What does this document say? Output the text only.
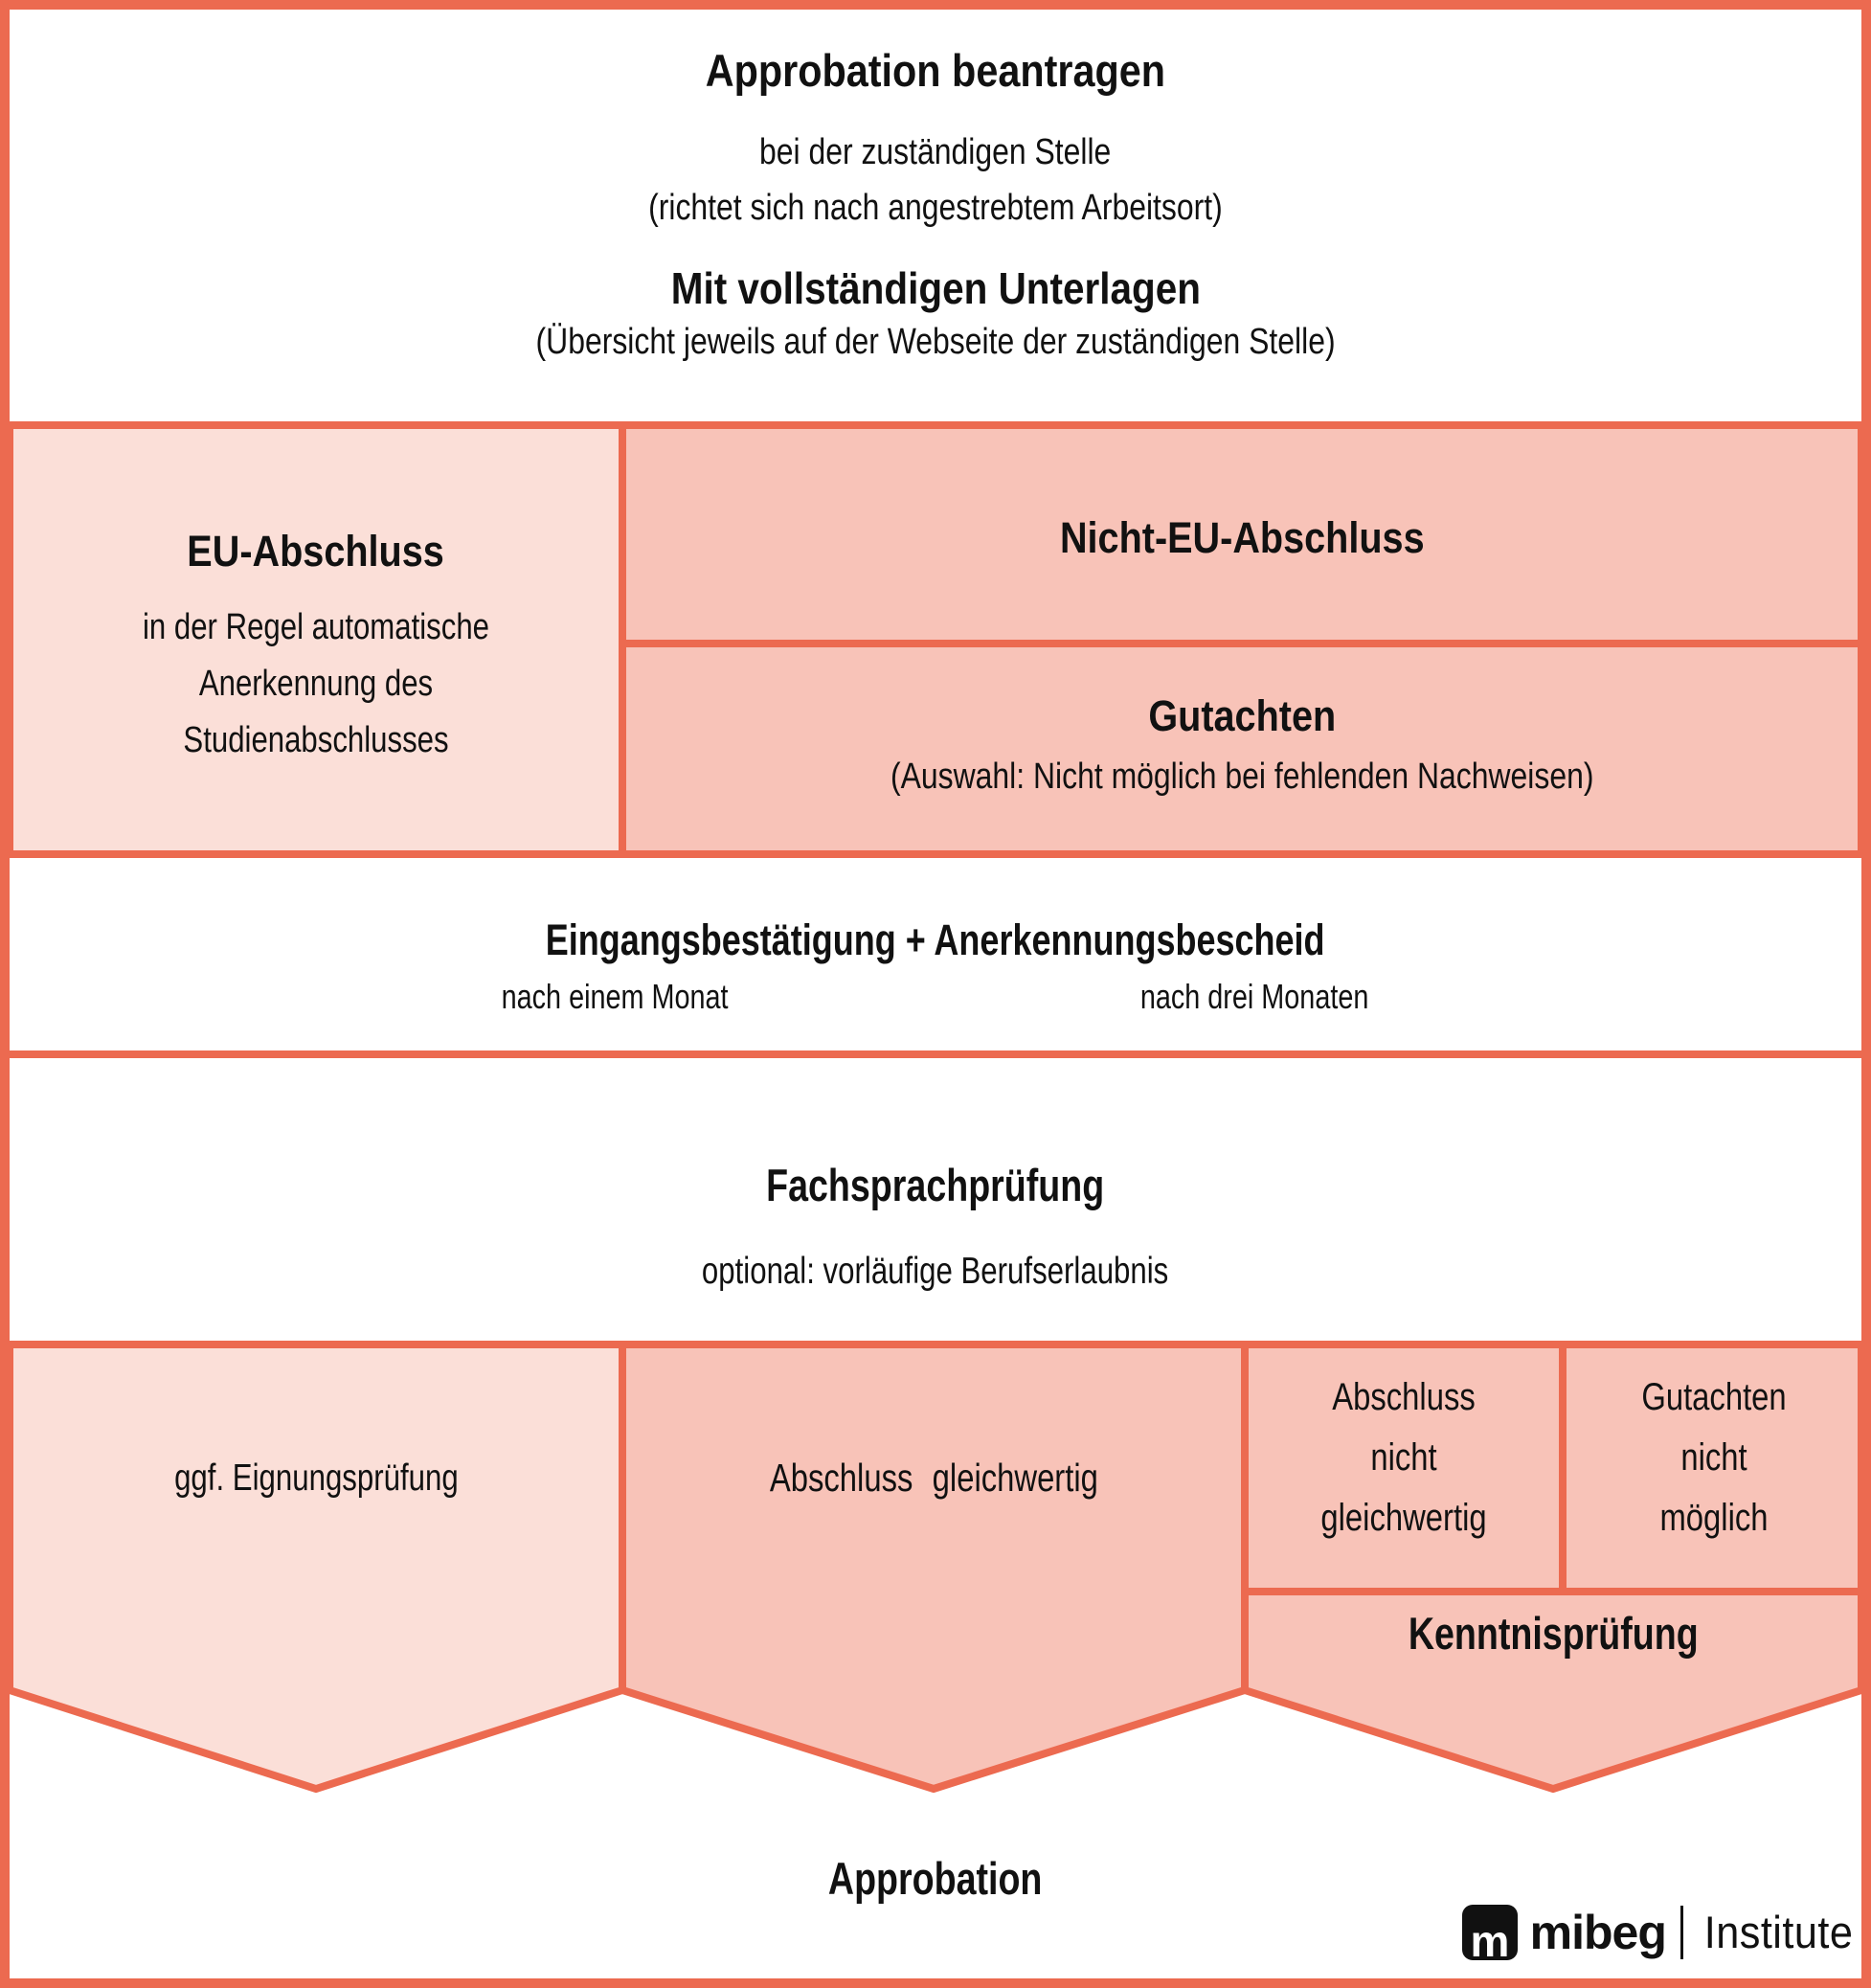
Approbation beantragen
bei der zuständigen Stelle
(richtet sich nach angestrebtem Arbeitsort)
Mit vollständigen Unterlagen
(Übersicht jeweils auf der Webseite der zuständigen Stelle)
EU-Abschluss
in der Regel automatische
Anerkennung des
Studienabschlusses
Nicht-EU-Abschluss
Gutachten
(Auswahl: Nicht möglich bei fehlenden Nachweisen)
Eingangsbestätigung + Anerkennungsbescheid
nach einem Monat	nach drei Monaten
Fachsprachprüfung
optional: vorläufige Berufserlaubnis
ggf. Eignungsprüfung	Abschluss gleichwertig
Abschluss
nicht
gleichwertig
Gutachten
nicht
möglich
Kenntnisprüfung
Approbation
m mibeg Institute
